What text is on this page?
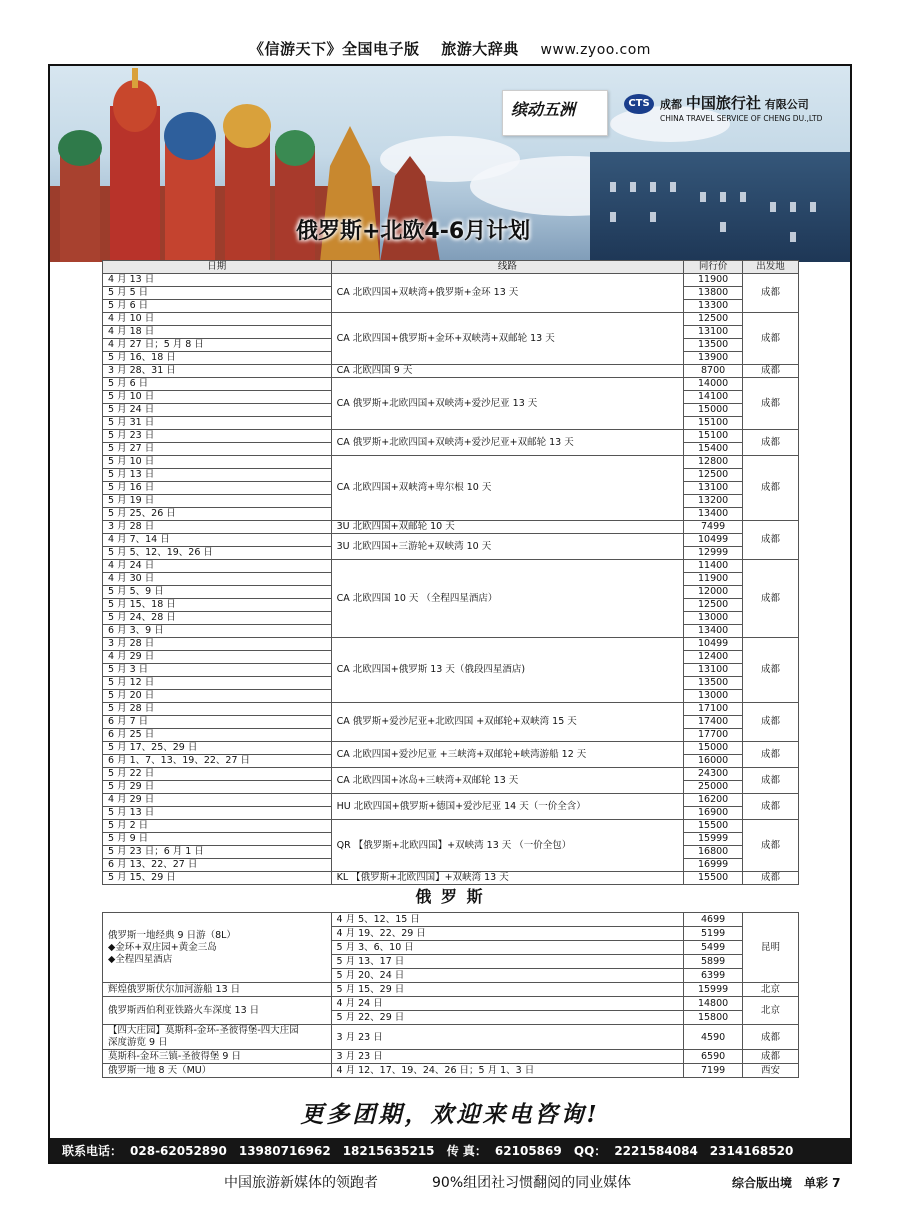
《信游天下》全国电子版 旅游大辞典 www.zyoo.com
缤动五洲	CTS 成都 中国旅行社 有限公司
CHINA TRAVEL SERVICE OF CHENG DU.,LTD
俄罗斯+北欧4-6月计划
日期	线路	同行价	出发地
4 月 13 日	CA 北欧四国+双峡湾+俄罗斯+金环 13 天	11900	成都
5 月 5 日		13800	
5 月 6 日		13300	
4 月 10 日	CA 北欧四国+俄罗斯+金环+双峡湾+双邮轮 13 天	12500	成都
4 月 18 日		13100	
4 月 27 日；5 月 8 日		13500	
5 月 16、18 日		13900	
3 月 28、31 日	CA 北欧四国 9 天	8700	成都
5 月 6 日	CA 俄罗斯+北欧四国+双峡湾+爱沙尼亚 13 天	14000	成都
5 月 10 日		14100	
5 月 24 日		15000	
5 月 31 日		15100	
5 月 23 日	CA 俄罗斯+北欧四国+双峡湾+爱沙尼亚+双邮轮 13 天	15100	成都
5 月 27 日		15400	
5 月 10 日	CA 北欧四国+双峡湾+卑尔根 10 天	12800	成都
5 月 13 日		12500	
5 月 16 日		13100	
5 月 19 日		13200	
5 月 25、26 日		13400	
3 月 28 日	3U 北欧四国+双邮轮 10 天	7499	成都
4 月 7、14 日	3U 北欧四国+三游轮+双峡湾 10 天	10499	
5 月 5、12、19、26 日		12999	
4 月 24 日	CA 北欧四国 10 天 （全程四星酒店）	11400	成都
4 月 30 日		11900	
5 月 5、9 日		12000	
5 月 15、18 日		12500	
5 月 24、28 日		13000	
6 月 3、9 日		13400	
3 月 28 日	CA 北欧四国+俄罗斯 13 天（俄段四星酒店)	10499	成都
4 月 29 日		12400	
5 月 3 日		13100	
5 月 12 日		13500	
5 月 20 日		13000	
5 月 28 日	CA 俄罗斯+爱沙尼亚+北欧四国 +双邮轮+双峡湾 15 天	17100	成都
6 月 7 日		17400	
6 月 25 日		17700	
5 月 17、25、29 日	CA 北欧四国+爱沙尼亚 +三峡湾+双邮轮+峡湾游船 12 天	15000	成都
6 月 1、7、13、19、22、27 日		16000	
5 月 22 日	CA 北欧四国+冰岛+三峡湾+双邮轮 13 天	24300	成都
5 月 29 日		25000	
4 月 29 日	HU 北欧四国+俄罗斯+德国+爱沙尼亚 14 天（一价全含）	16200	成都
5 月 13 日		16900	
5 月 2 日	QR 【俄罗斯+北欧四国】+双峡湾 13 天 （一价全包）	15500	成都
5 月 9 日		15999	
5 月 23 日；6 月 1 日		16800	
6 月 13、22、27 日		16999	
5 月 15、29 日	KL 【俄罗斯+北欧四国】+双峡湾 13 天	15500	成都
俄 罗 斯
俄罗斯一地经典 9 日游（8L）
◆金环+双庄园+黄金三岛
◆全程四星酒店	4 月 5、12、15 日	4699	昆明
	4 月 19、22、29 日	5199	
	5 月 3、6、10 日	5499	
	5 月 13、17 日	5899	
	5 月 20、24 日	6399	

辉煌俄罗斯伏尔加河游船 13 日	5 月 15、29 日	15999	北京

俄罗斯西伯利亚铁路火车深度 13 日	4 月 24 日	14800	北京
	5 月 22、29 日	15800	

【四大庄园】莫斯科-金环-圣彼得堡-四大庄园
深度游览 9 日	3 月 23 日	4590	成都

莫斯科-金环三镇-圣彼得堡 9 日	3 月 23 日	6590	成都

俄罗斯一地 8 天（MU）	4 月 12、17、19、24、26 日；5 月 1、3 日	7199	西安
更多团期，欢迎来电咨询!
联系电话： 028-62052890　13980716962　18215635215 传 真： 62105869 QQ： 2221584084　2314168520
中国旅游新媒体的领跑者	90%组团社习惯翻阅的同业媒体	综合版出境　单彩 7
